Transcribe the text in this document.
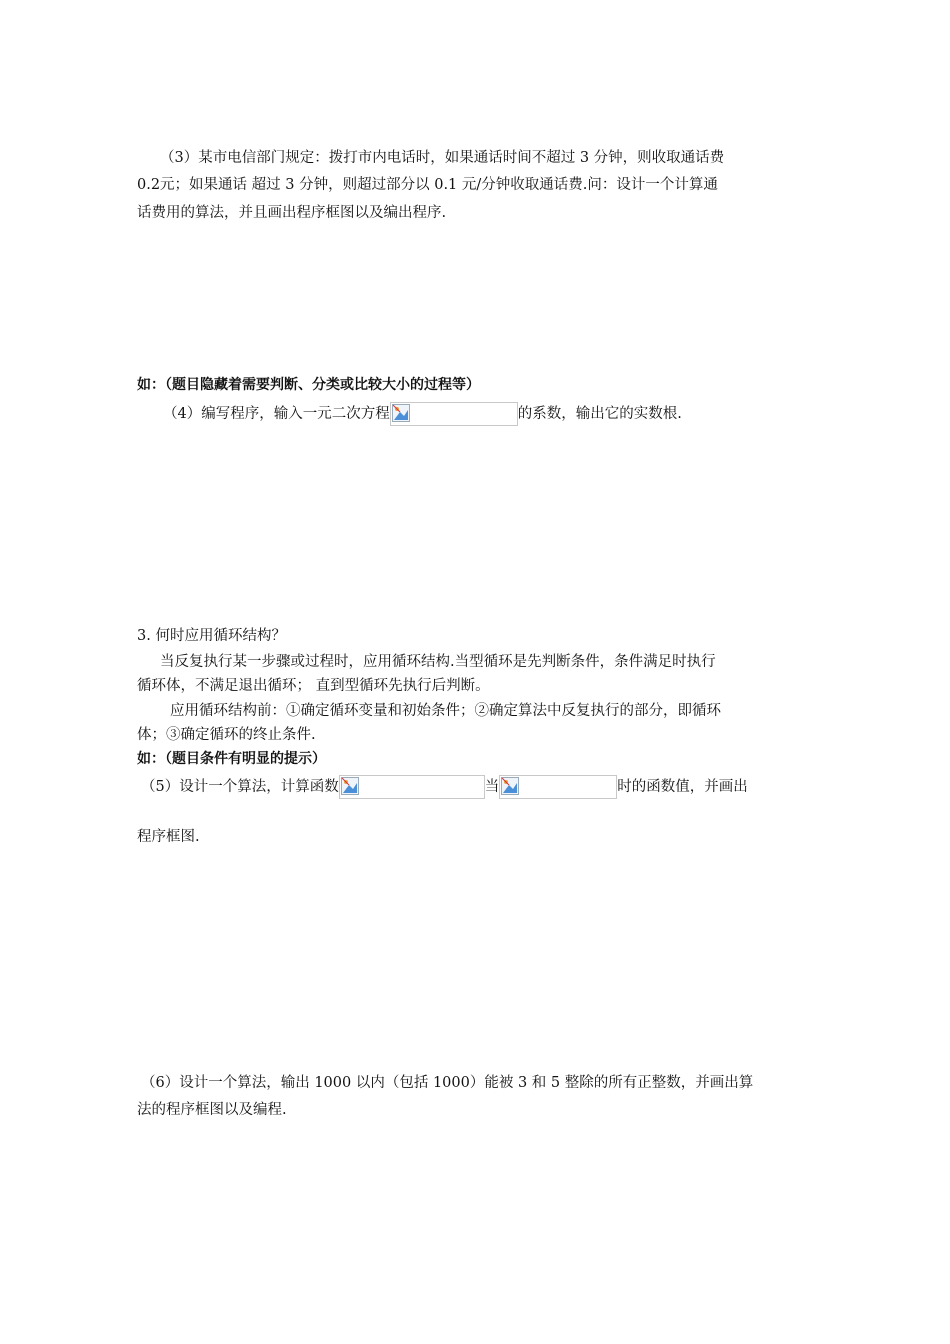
（3）某市电信部门规定：拨打市内电话时，如果通话时间不超过 3 分钟，则收取通话费
0.2元；如果通话 超过 3 分钟，则超过部分以 0.1 元/分钟收取通话费.问：设计一个计算通
话费用的算法，并且画出程序框图以及编出程序.
如：（题目隐藏着需要判断、分类或比较大小的过程等）
（4）编写程序，输入一元二次方程	的系数，输出它的实数根.
3. 何时应用循环结构？
当反复执行某一步骤或过程时，应用循环结构.当型循环是先判断条件，条件满足时执行
循环体，不满足退出循环； 直到型循环先执行后判断。
应用循环结构前：①确定循环变量和初始条件；②确定算法中反复执行的部分，即循环
体；③确定循环的终止条件.
如：（题目条件有明显的提示）
（5）设计一个算法，计算函数	当	时的函数值，并画出
程序框图.
（6）设计一个算法，输出 1000 以内（包括 1000）能被 3 和 5 整除的所有正整数，并画出算
法的程序框图以及编程.
